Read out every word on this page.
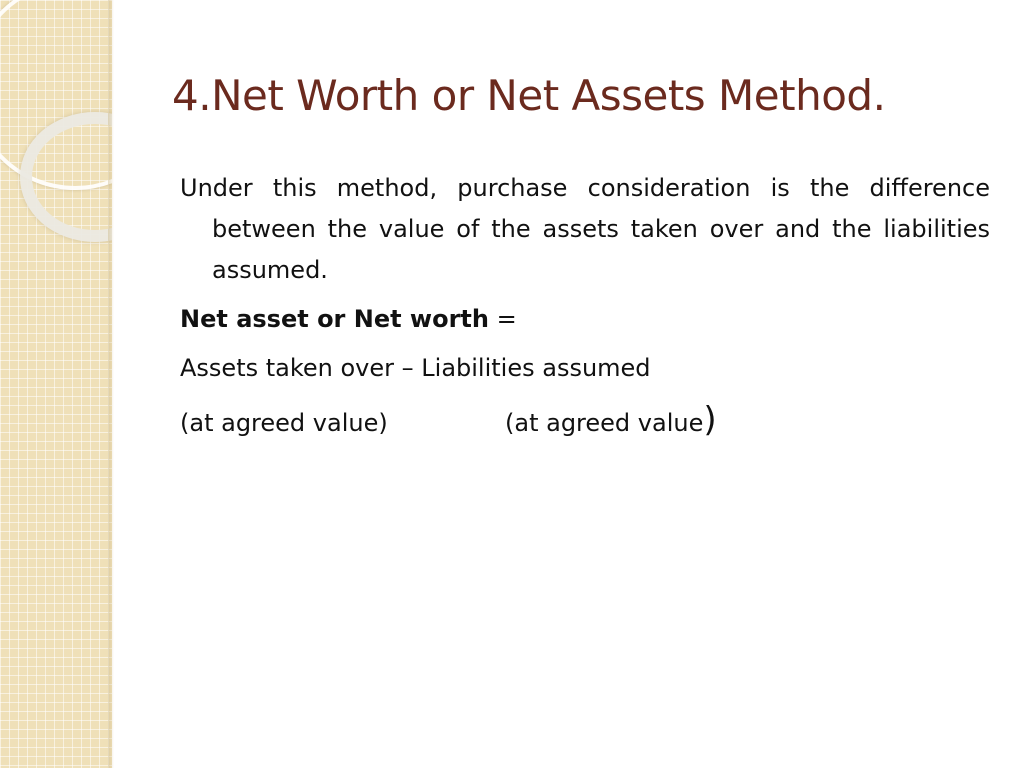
4.Net Worth or Net Assets Method.

Under this method, purchase consideration is the difference between the value of the assets taken over and the liabilities assumed.

Net asset or Net worth =

Assets taken over – Liabilities assumed

(at agreed value)	(at agreed value)
